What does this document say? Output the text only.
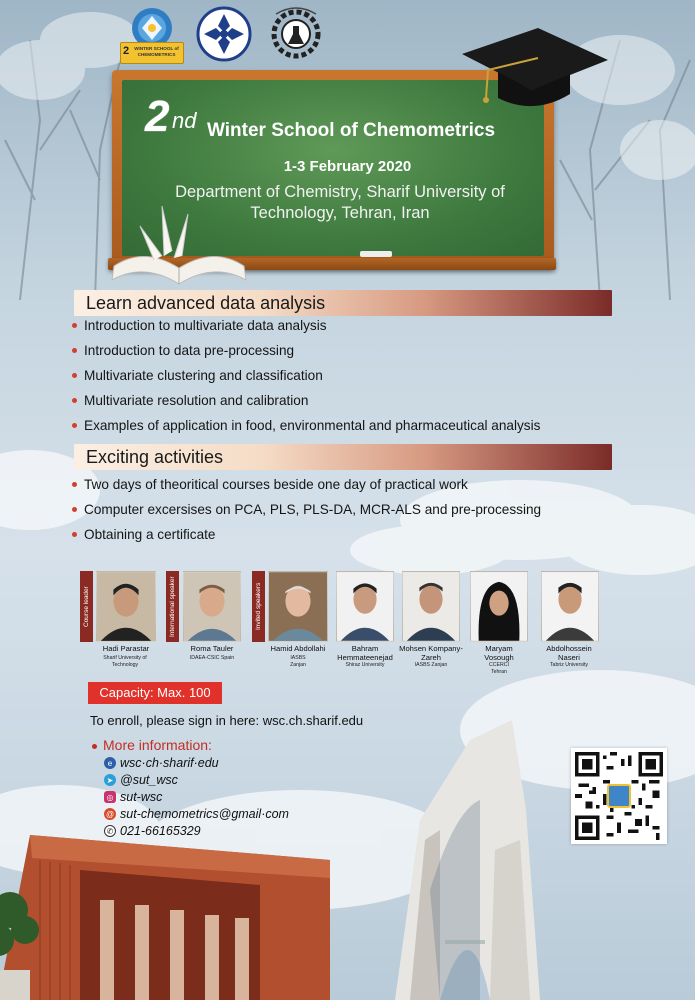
2 WINTER SCHOOL of CHEMOMETRICS
2 nd Winter School of Chemometrics
1-3 February 2020
Department of Chemistry, Sharif University of Technology, Tehran, Iran
Learn advanced data analysis
Introduction to multivariate data analysis
Introduction to data pre-processing
Multivariate clustering and classification
Multivariate resolution and calibration
Examples of application in food, environmental and pharmaceutical analysis
Exciting activities
Two days of theoritical courses beside one day of practical work
Computer excersises on PCA, PLS, PLS-DA, MCR-ALS and pre-processing
Obtaining a certificate
Course leader	International speaker	Invited speakers
Hadi Parastar
Sharif University of Technology
Roma Tauler
IDAEA-CSIC Spain
Hamid Abdollahi
IASBS Zanjan
Bahram Hemmateenejad
Shiraz University
Mohsen Kompany-Zareh
IASBS Zanjan
Maryam Vosough
CCERCI Tehran
Abdolhossein Naseri
Tabriz University
Capacity: Max. 100
To enroll, please sign in here: wsc.ch.sharif.edu
More information:
e wsc·ch·sharif·edu
➤ @sut_wsc
◎ sut-wsc
@ sut-chemometrics@gmail·com
✆ 021-66165329
